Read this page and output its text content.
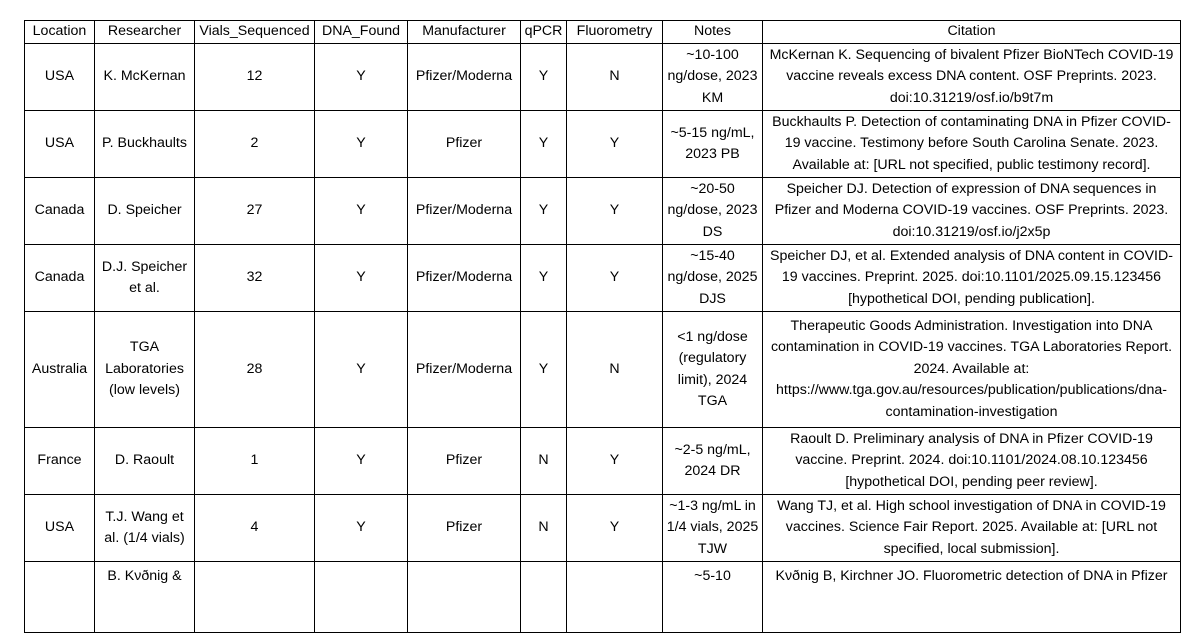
Location	Researcher	Vials_Sequenced	DNA_Found	Manufacturer	qPCR	Fluorometry	Notes	Citation
USA	K. McKernan	12	Y	Pfizer/Moderna	Y	N	~10-100 ng/dose, 2023 KM	McKernan K. Sequencing of bivalent Pfizer BioNTech COVID-19 vaccine reveals excess DNA content. OSF Preprints. 2023. doi:10.31219/osf.io/b9t7m
USA	P. Buckhaults	2	Y	Pfizer	Y	Y	~5-15 ng/mL, 2023 PB	Buckhaults P. Detection of contaminating DNA in Pfizer COVID-19 vaccine. Testimony before South Carolina Senate. 2023. Available at: [URL not specified, public testimony record].
Canada	D. Speicher	27	Y	Pfizer/Moderna	Y	Y	~20-50 ng/dose, 2023 DS	Speicher DJ. Detection of expression of DNA sequences in Pfizer and Moderna COVID-19 vaccines. OSF Preprints. 2023. doi:10.31219/osf.io/j2x5p
Canada	D.J. Speicher et al.	32	Y	Pfizer/Moderna	Y	Y	~15-40 ng/dose, 2025 DJS	Speicher DJ, et al. Extended analysis of DNA content in COVID-19 vaccines. Preprint. 2025. doi:10.1101/2025.09.15.123456 [hypothetical DOI, pending publication].
Australia	TGA Laboratories (low levels)	28	Y	Pfizer/Moderna	Y	N	<1 ng/dose (regulatory limit), 2024 TGA	Therapeutic Goods Administration. Investigation into DNA contamination in COVID-19 vaccines. TGA Laboratories Report. 2024. Available at: https://www.tga.gov.au/resources/publication/publications/dna-contamination-investigation
France	D. Raoult	1	Y	Pfizer	N	Y	~2-5 ng/mL, 2024 DR	Raoult D. Preliminary analysis of DNA in Pfizer COVID-19 vaccine. Preprint. 2024. doi:10.1101/2024.08.10.123456 [hypothetical DOI, pending peer review].
USA	T.J. Wang et al. (1/4 vials)	4	Y	Pfizer	N	Y	~1-3 ng/mL in 1/4 vials, 2025 TJW	Wang TJ, et al. High school investigation of DNA in COVID-19 vaccines. Science Fair Report. 2025. Available at: [URL not specified, local submission].
	B. Kνðnig &						~5-10	Kνðnig B, Kirchner JO. Fluorometric detection of DNA in Pfizer
